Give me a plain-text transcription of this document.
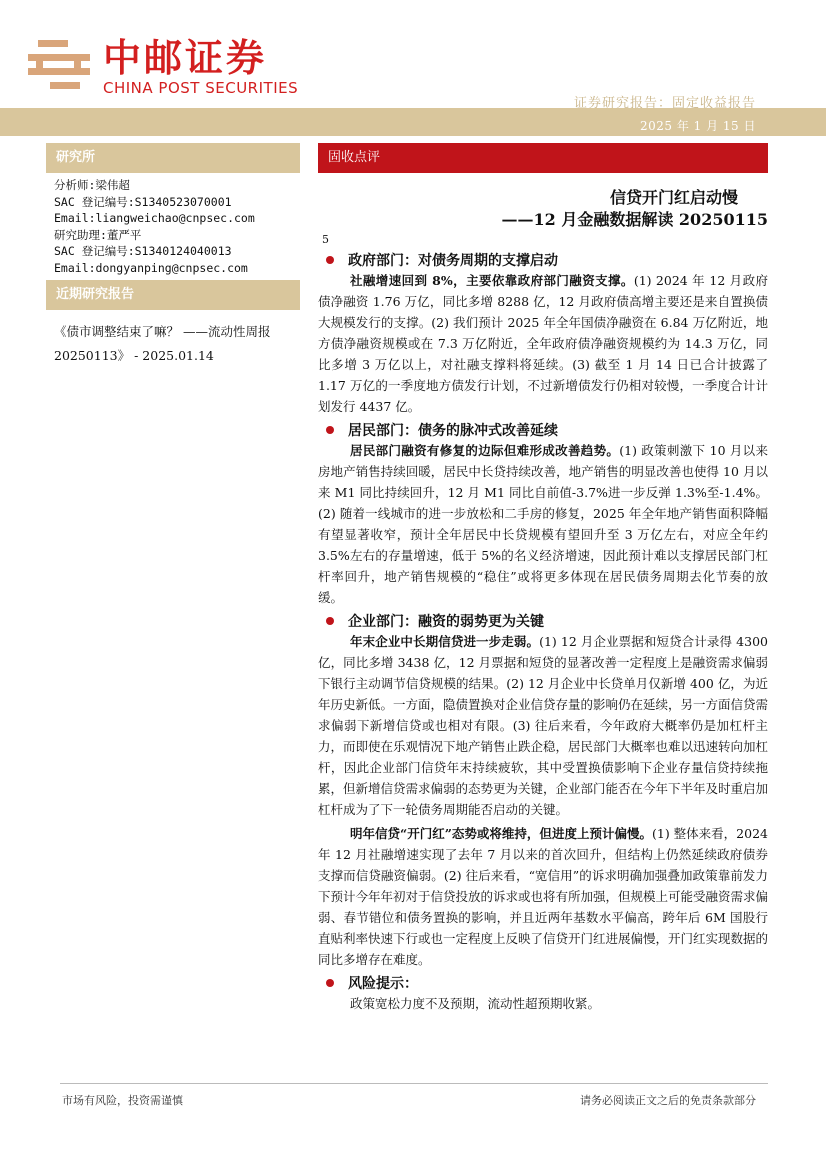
中邮证券
CHINA POST SECURITIES
证券研究报告：固定收益报告
2025 年 1 月 15 日
研究所
分析师:梁伟超
SAC 登记编号:S1340523070001
Email:liangweichao@cnpsec.com
研究助理:董严平
SAC 登记编号:S1340124040013
Email:dongyanping@cnpsec.com
近期研究报告
《债市调整结束了嘛？ ——流动性周报 20250113》 - 2025.01.14
固收点评
信贷开门红启动慢
——12 月金融数据解读 20250115
5
政府部门：对债务周期的支撑启动

社融增速回到 8%，主要依靠政府部门融资支撑。(1) 2024 年 12 月政府债净融资 1.76 万亿，同比多增 8288 亿，12 月政府债高增主要还是来自置换债大规模发行的支撑。(2) 我们预计 2025 年全年国债净融资在 6.84 万亿附近，地方债净融资规模或在 7.3 万亿附近，全年政府债净融资规模约为 14.3 万亿，同比多增 3 万亿以上，对社融支撑料将延续。(3) 截至 1 月 14 日已合计披露了 1.17 万亿的一季度地方债发行计划，不过新增债发行仍相对较慢，一季度合计计划发行 4437 亿。

居民部门：债务的脉冲式改善延续

居民部门融资有修复的边际但难形成改善趋势。(1) 政策刺激下 10 月以来房地产销售持续回暖，居民中长贷持续改善，地产销售的明显改善也使得 10 月以来 M1 同比持续回升，12 月 M1 同比自前值-3.7%进一步反弹 1.3%至-1.4%。(2) 随着一线城市的进一步放松和二手房的修复，2025 年全年地产销售面积降幅有望显著收窄，预计全年居民中长贷规模有望回升至 3 万亿左右，对应全年约 3.5%左右的存量增速，低于 5%的名义经济增速，因此预计难以支撑居民部门杠杆率回升，地产销售规模的“稳住”或将更多体现在居民债务周期去化节奏的放缓。

企业部门：融资的弱势更为关键

年末企业中长期信贷进一步走弱。(1) 12 月企业票据和短贷合计录得 4300 亿，同比多增 3438 亿，12 月票据和短贷的显著改善一定程度上是融资需求偏弱下银行主动调节信贷规模的结果。(2) 12 月企业中长贷单月仅新增 400 亿，为近年历史新低。一方面，隐债置换对企业信贷存量的影响仍在延续，另一方面信贷需求偏弱下新增信贷或也相对有限。(3) 往后来看，今年政府大概率仍是加杠杆主力，而即使在乐观情况下地产销售止跌企稳，居民部门大概率也难以迅速转向加杠杆，因此企业部门信贷年末持续疲软，其中受置换债影响下企业存量信贷持续拖累，但新增信贷需求偏弱的态势更为关键，企业部门能否在今年下半年及时重启加杠杆成为了下一轮债务周期能否启动的关键。

明年信贷“开门红”态势或将维持，但进度上预计偏慢。(1) 整体来看，2024 年 12 月社融增速实现了去年 7 月以来的首次回升，但结构上仍然延续政府债券支撑而信贷融资偏弱。(2) 往后来看，“宽信用”的诉求明确加强叠加政策靠前发力下预计今年年初对于信贷投放的诉求或也将有所加强，但规模上可能受融资需求偏弱、春节错位和债务置换的影响，并且近两年基数水平偏高，跨年后 6M 国股行直贴利率快速下行或也一定程度上反映了信贷开门红进展偏慢，开门红实现数据的同比多增存在难度。

风险提示：

政策宽松力度不及预期，流动性超预期收紧。

市场有风险，投资需谨慎	请务必阅读正文之后的免责条款部分
